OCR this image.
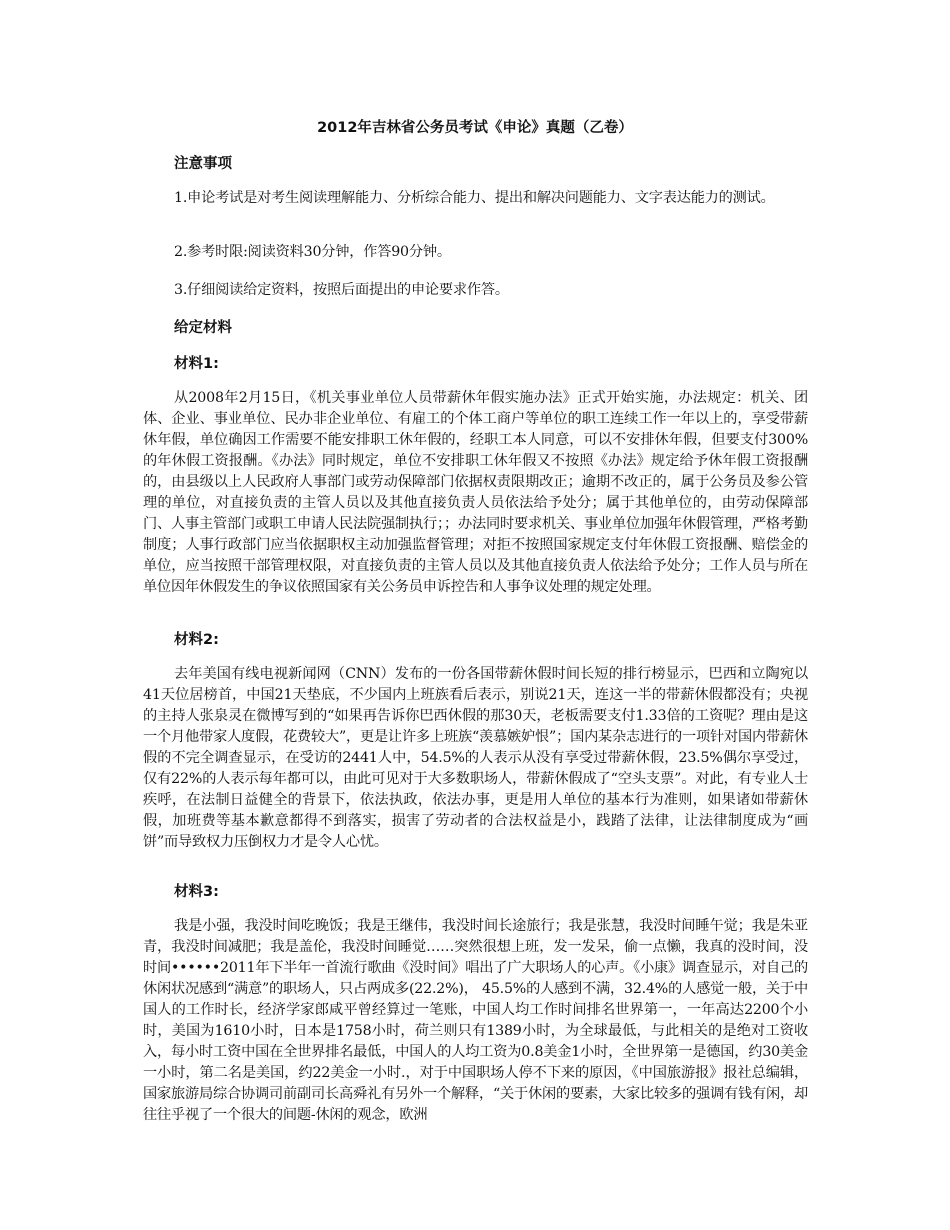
2012年吉林省公务员考试《申论》真题（乙卷）
注意事项
1.申论考试是对考生阅读理解能力、分析综合能力、提出和解决问题能力、文字表达能力的测试。
2.参考时限:阅读资料30分钟，作答90分钟。
3.仔细阅读给定资料，按照后面提出的申论要求作答。
给定材料
材料1:
从2008年2月15日，《机关事业单位人员带薪休年假实施办法》正式开始实施，办法规定：机关、团体、企业、事业单位、民办非企业单位、有雇工的个体工商户等单位的职工连续工作一年以上的，享受带薪休年假，单位确因工作需要不能安排职工休年假的，经职工本人同意，可以不安排休年假，但要支付300%的年休假工资报酬。《办法》同时规定，单位不安排职工休年假又不按照《办法》规定给予休年假工资报酬的，由县级以上人民政府人事部门或劳动保障部门依据权责限期改正；逾期不改正的，属于公务员及参公管理的单位，对直接负责的主管人员以及其他直接负责人员依法给予处分；属于其他单位的，由劳动保障部门、人事主管部门或职工申请人民法院强制执行；；办法同时要求机关、事业单位加强年休假管理，严格考勤制度；人事行政部门应当依据职权主动加强监督管理；对拒不按照国家规定支付年休假工资报酬、赔偿金的单位，应当按照干部管理权限，对直接负责的主管人员以及其他直接负责人依法给予处分；工作人员与所在单位因年休假发生的争议依照国家有关公务员申诉控告和人事争议处理的规定处理。
材料2:
去年美国有线电视新闻网（CNN）发布的一份各国带薪休假时间长短的排行榜显示，巴西和立陶宛以41天位居榜首，中国21天垫底，不少国内上班族看后表示，别说21天，连这一半的带薪休假都没有；央视的主持人张泉灵在微博写到的“如果再告诉你巴西休假的那30天，老板需要支付1.33倍的工资呢？理由是这一个月他带家人度假，花费较大”，更是让许多上班族“羡慕嫉妒恨”；国内某杂志进行的一项针对国内带薪休假的不完全调查显示，在受访的2441人中，54.5%的人表示从没有享受过带薪休假，23.5%偶尔享受过，仅有22%的人表示每年都可以，由此可见对于大多数职场人，带薪休假成了“空头支票”。对此，有专业人士疾呼，在法制日益健全的背景下，依法执政，依法办事，更是用人单位的基本行为准则，如果诸如带薪休假，加班费等基本歉意都得不到落实，损害了劳动者的合法权益是小，践踏了法律，让法律制度成为“画饼”而导致权力压倒权力才是令人心忧。
材料3:
我是小强，我没时间吃晚饭；我是王继伟，我没时间长途旅行；我是张慧，我没时间睡午觉；我是朱亚青，我没时间减肥；我是盖伦，我没时间睡觉……突然很想上班，发一发呆，偷一点懒，我真的没时间，没时间••••••2011年下半年一首流行歌曲《没时间》唱出了广大职场人的心声。《小康》调查显示，对自己的休闲状况感到“满意”的职场人，只占两成多(22.2%)， 45.5%的人感到不满，32.4%的人感觉一般，关于中国人的工作时长，经济学家郎咸平曾经算过一笔账，中国人均工作时间排名世界第一，一年高达2200个小时，美国为1610小时，日本是1758小时，荷兰则只有1389小时，为全球最低，与此相关的是绝对工资收入，每小时工资中国在全世界排名最低，中国人的人均工资为0.8美金1小时，全世界第一是德国，约30美金一小时，第二名是美国，约22美金一小时.，对于中国职场人停不下来的原因，《中国旅游报》报社总编辑，国家旅游局综合协调司前副司长高舜礼有另外一个解释，“关于休闲的要素，大家比较多的强调有钱有闲，却往往乎视了一个很大的间题-休闲的观念，欧洲
